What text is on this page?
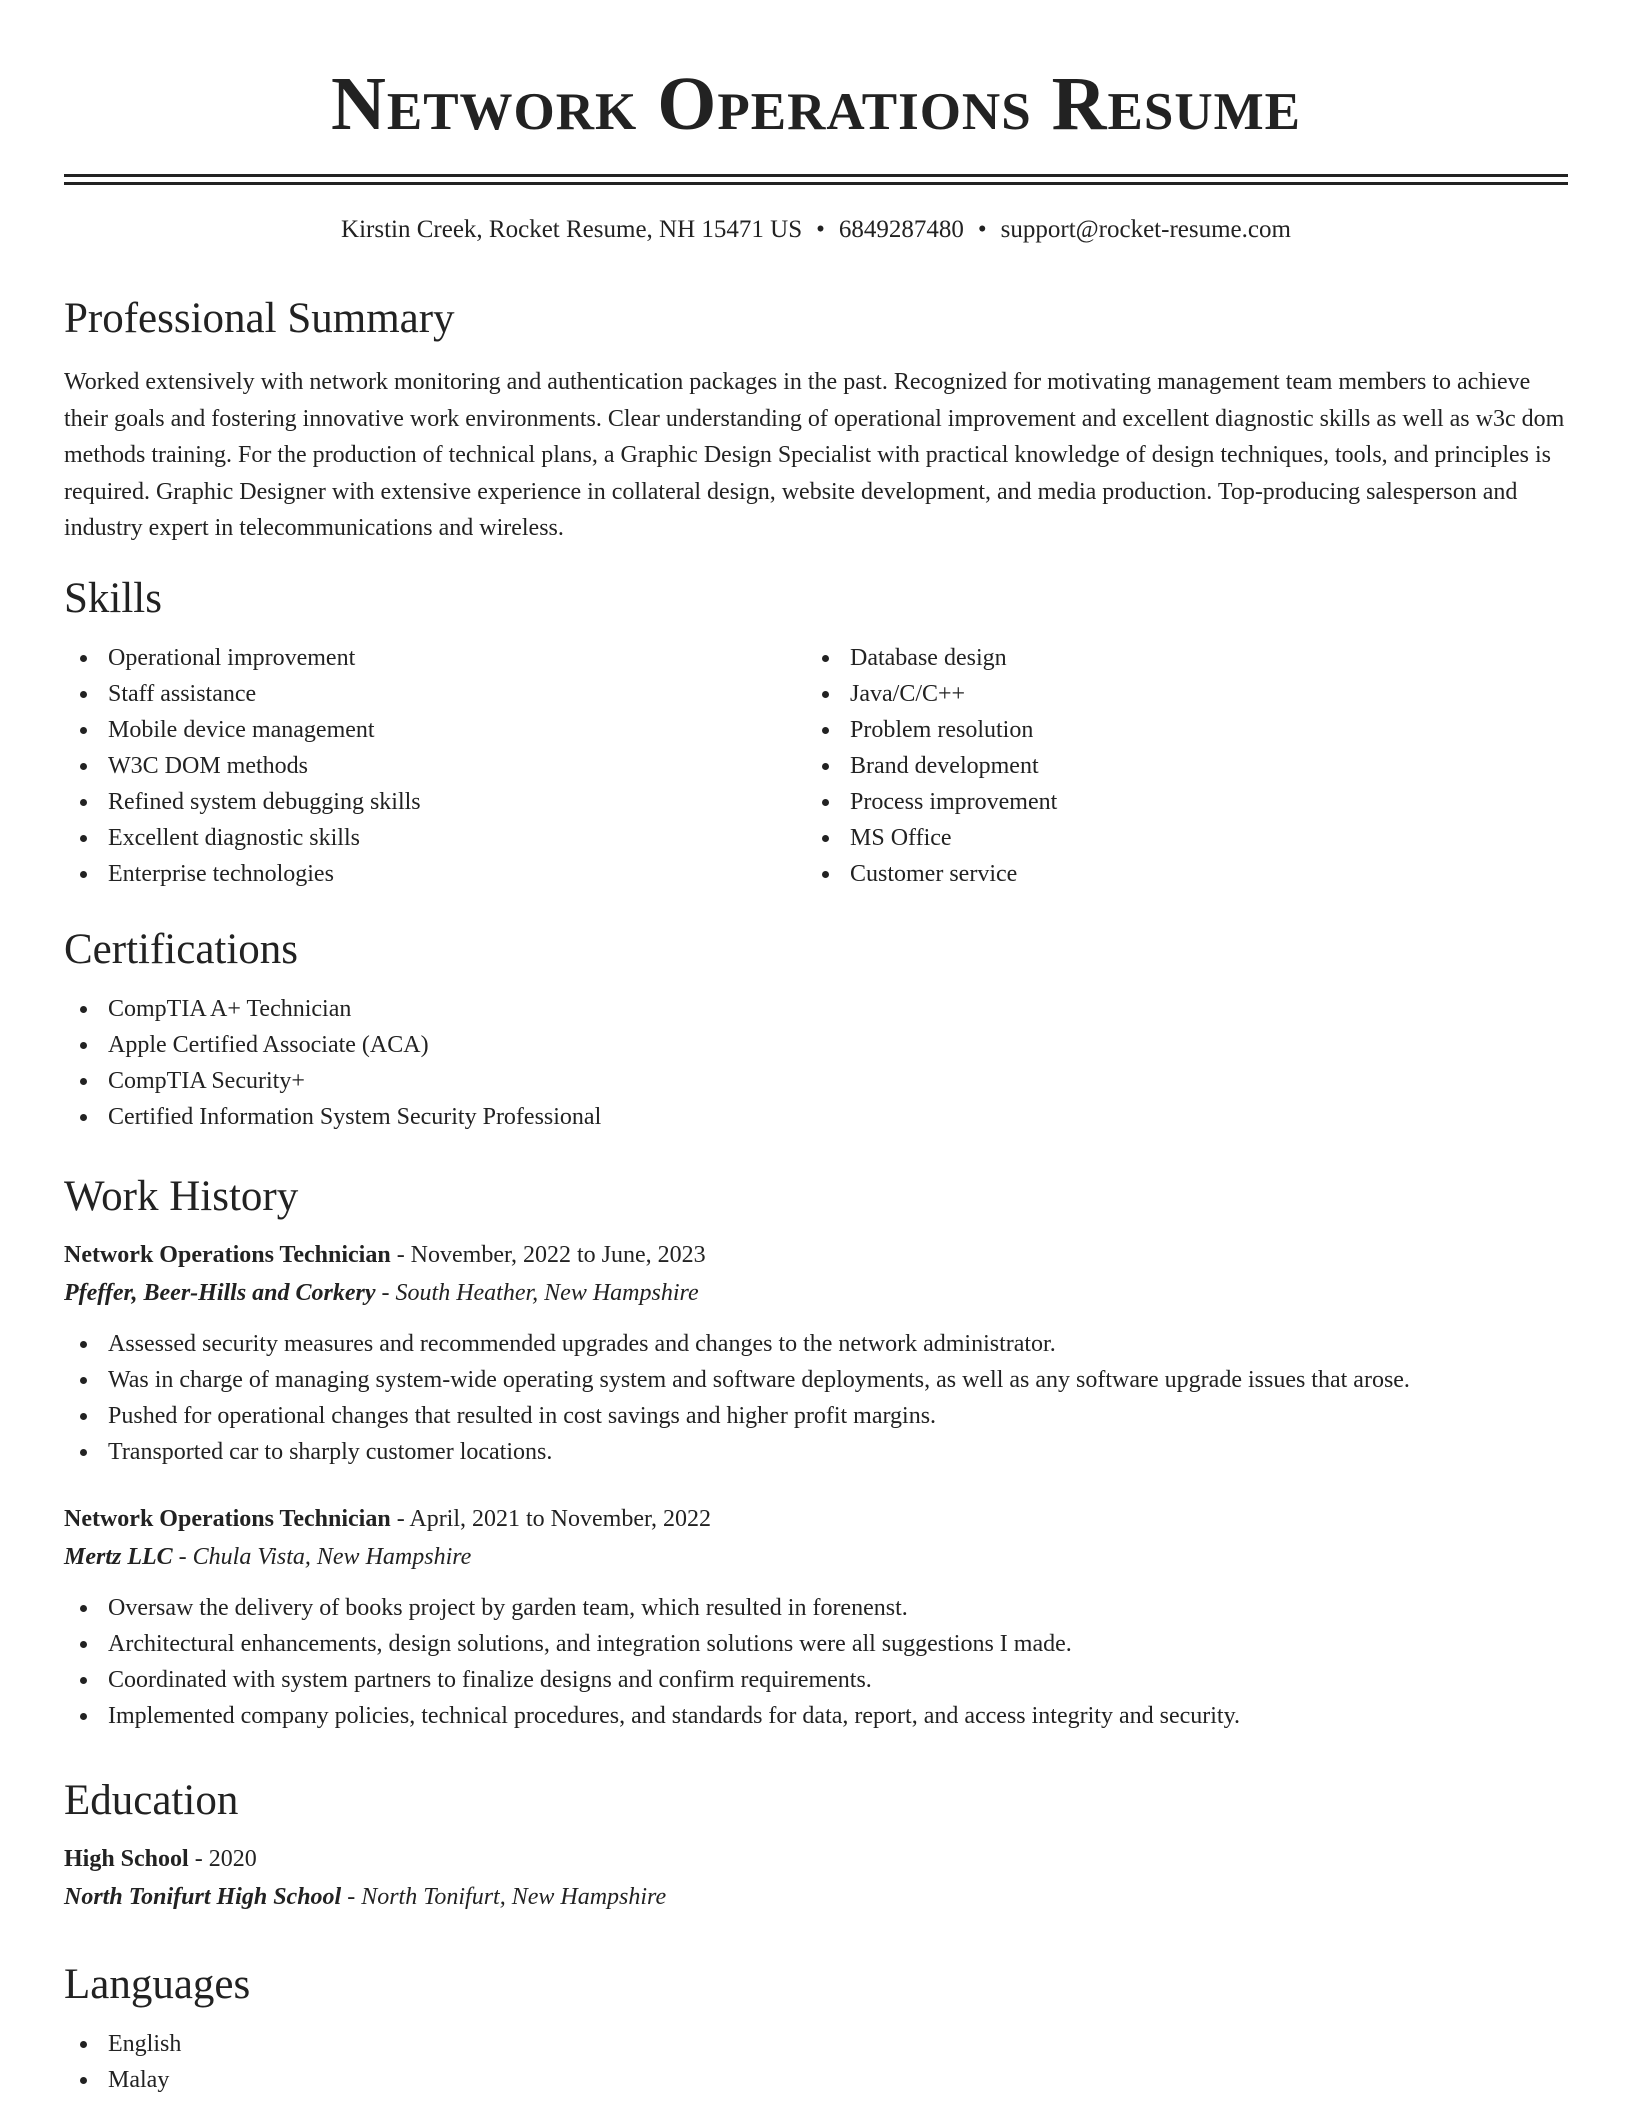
Network Operations Resume
Kirstin Creek, Rocket Resume, NH 15471 US • 6849287480 • support@rocket-resume.com
Professional Summary

Worked extensively with network monitoring and authentication packages in the past. Recognized for motivating management team members to achieve their goals and fostering innovative work environments. Clear understanding of operational improvement and excellent diagnostic skills as well as w3c dom methods training. For the production of technical plans, a Graphic Design Specialist with practical knowledge of design techniques, tools, and principles is required. Graphic Designer with extensive experience in collateral design, website development, and media production. Top-producing salesperson and industry expert in telecommunications and wireless.

Skills
Operational improvement
Staff assistance
Mobile device management
W3C DOM methods
Refined system debugging skills
Excellent diagnostic skills
Enterprise technologies
Database design
Java/C/C++
Problem resolution
Brand development
Process improvement
MS Office
Customer service
Certifications
CompTIA A+ Technician
Apple Certified Associate (ACA)
CompTIA Security+
Certified Information System Security Professional
Work History
Network Operations Technician - November, 2022 to June, 2023
Pfeffer, Beer-Hills and Corkery - South Heather, New Hampshire
Assessed security measures and recommended upgrades and changes to the network administrator.
Was in charge of managing system-wide operating system and software deployments, as well as any software upgrade issues that arose.
Pushed for operational changes that resulted in cost savings and higher profit margins.
Transported car to sharply customer locations.
Network Operations Technician - April, 2021 to November, 2022
Mertz LLC - Chula Vista, New Hampshire
Oversaw the delivery of books project by garden team, which resulted in forenenst.
Architectural enhancements, design solutions, and integration solutions were all suggestions I made.
Coordinated with system partners to finalize designs and confirm requirements.
Implemented company policies, technical procedures, and standards for data, report, and access integrity and security.
Education
High School - 2020
North Tonifurt High School - North Tonifurt, New Hampshire
Languages
English
Malay
